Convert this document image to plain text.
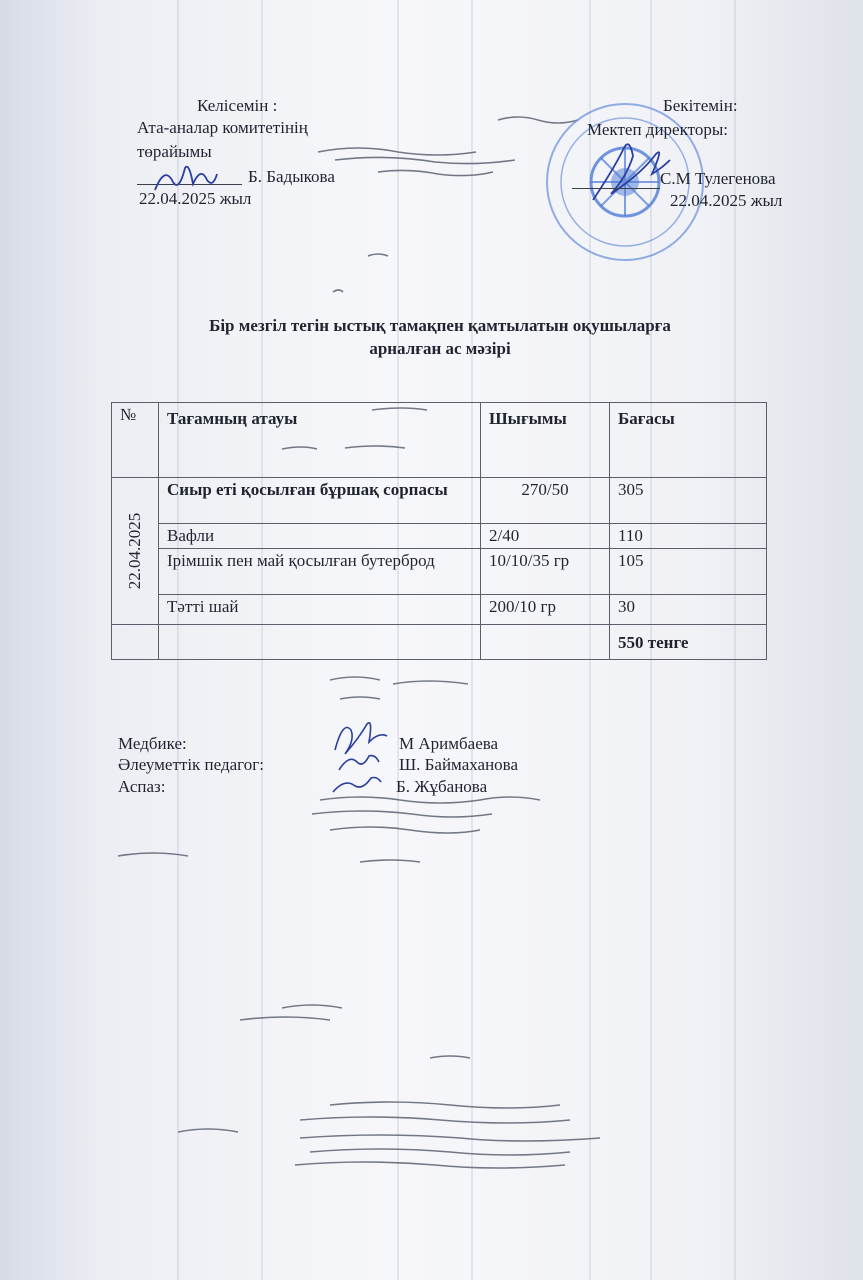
Келісемін :
Ата-аналар комитетінің
төрайымы
Б. Бадыкова
22.04.2025 жыл
Бекітемін:
Мектеп директоры:
С.М Тулегенова
22.04.2025 жыл
Бір мезгіл тегін ыстық тамақпен қамтылатын оқушыларға
арналған ас мәзірі
№	Тағамның атауы	Шығымы	Бағасы

22.04.2025	Сиыр еті қосылған бұршақ сорпасы	270/50	305
	Вафли	2/40	110
	Ірімшік пен май қосылған бутерброд	10/10/35 гр	105
	Тәтті шай	200/10 гр	30
			550 тенге
Медбике:	М Аримбаева
Әлеуметтік педагог:	Ш. Баймаханова
Аспаз:	Б. Жұбанова
